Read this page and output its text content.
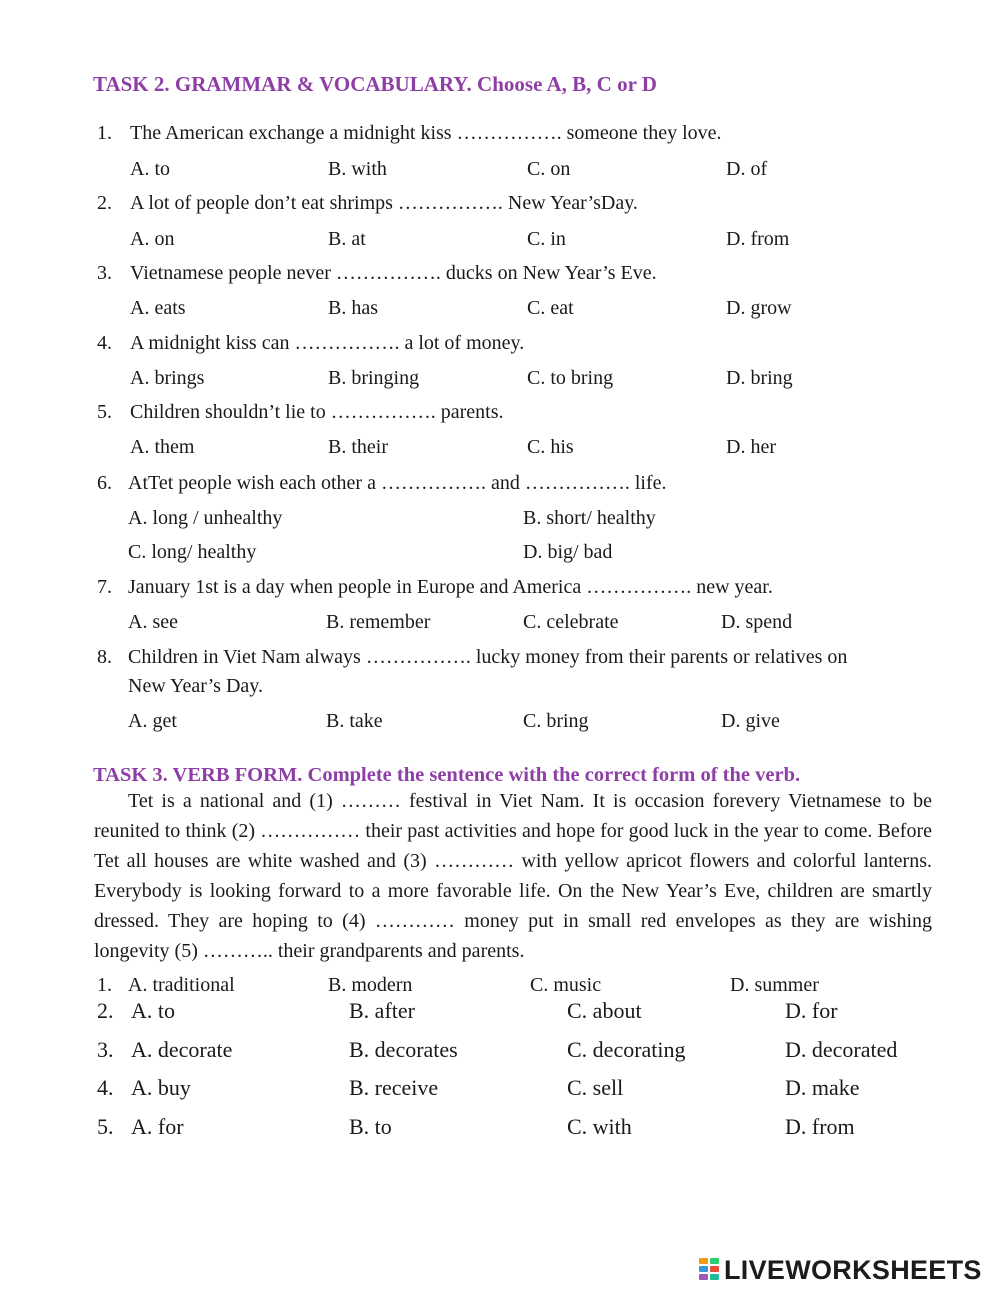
TASK 2. GRAMMAR & VOCABULARY. Choose A, B, C or D
1. The American exchange a midnight kiss ……………. someone they love.
A. to	B. with	C. on	D. of
2. A lot of people don’t eat shrimps ……………. New Year’sDay.
A. on	B. at	C. in	D. from
3. Vietnamese people never ……………. ducks on New Year’s Eve.
A. eats	B. has	C. eat	D. grow
4. A midnight kiss can ……………. a lot of money.
A. brings	B. bringing	C. to bring	D. bring
5. Children shouldn’t lie to ……………. parents.
A. them	B. their	C. his	D. her
6. AtTet people wish each other a ……………. and ……………. life.
A. long / unhealthy	B. short/ healthy
C. long/ healthy	D. big/ bad
7. January 1st is a day when people in Europe and America ……………. new year.
A. see	B. remember	C. celebrate	D. spend
8. Children in Viet Nam always ……………. lucky money from their parents or relatives on
New Year’s Day.
A. get	B. take	C. bring	D. give
TASK 3. VERB FORM. Complete the sentence with the correct form of the verb.

Tet is a national and (1) ……… festival in Viet Nam. It is occasion forevery Vietnamese to be reunited to think (2) …………… their past activities and hope for good luck in the year to come. Before Tet all houses are white washed and (3) ………… with yellow apricot flowers and colorful lanterns. Everybody is looking forward to a more favorable life. On the New Year’s Eve, children are smartly dressed. They are hoping to (4) ………… money put in small red envelopes as they are wishing longevity (5) ……….. their grandparents and parents.

1. A. traditional	B. modern	C. music	D. summer
2. A. to	B. after	C. about	D. for
3. A. decorate	B. decorates	C. decorating	D. decorated
4. A. buy	B. receive	C. sell	D. make
5. A. for	B. to	C. with	D. from
LIVEWORKSHEETS
